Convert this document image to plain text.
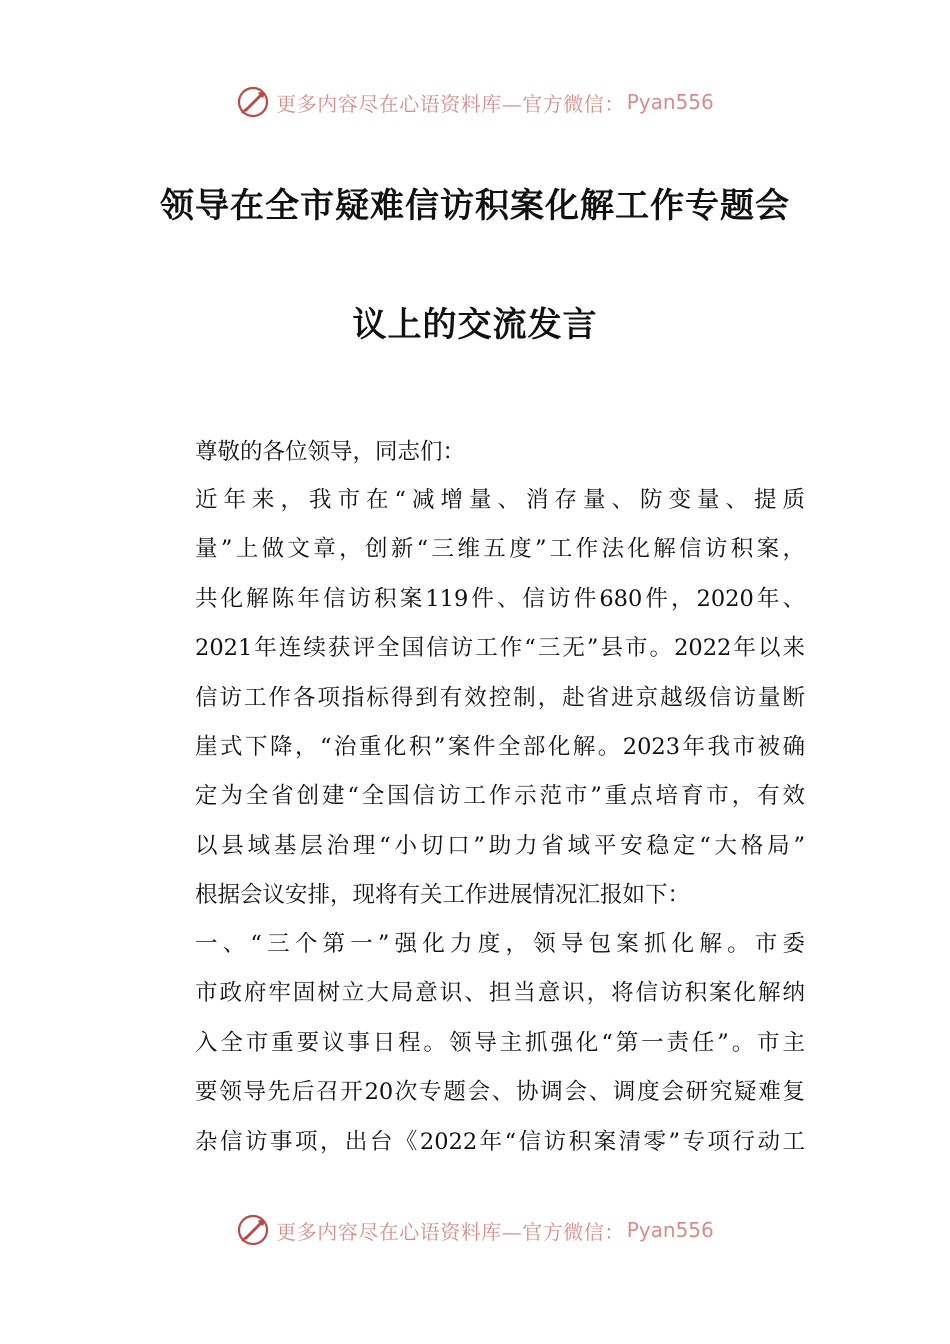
更多内容尽在心语资料库—官方微信： Pyan556
领导在全市疑难信访积案化解工作专题会
议上的交流发言
尊敬的各位领导，同志们：
近年来，我市在“减增量、消存量、防变量、提质
量”上做文章，创新“三维五度”工作法化解信访积案，
共化解陈年信访积案119件、信访件680件，2020年、
2021年连续获评全国信访工作“三无”县市。2022年以来
信访工作各项指标得到有效控制，赴省进京越级信访量断
崖式下降，“治重化积”案件全部化解。2023年我市被确
定为全省创建“全国信访工作示范市”重点培育市，有效
以县域基层治理“小切口”助力省域平安稳定“大格局”
根据会议安排，现将有关工作进展情况汇报如下：
一、“三个第一”强化力度，领导包案抓化解。市委
市政府牢固树立大局意识、担当意识，将信访积案化解纳
入全市重要议事日程。领导主抓强化“第一责任”。市主
要领导先后召开20次专题会、协调会、调度会研究疑难复
杂信访事项，出台《2022年“信访积案清零”专项行动工
更多内容尽在心语资料库—官方微信： Pyan556
